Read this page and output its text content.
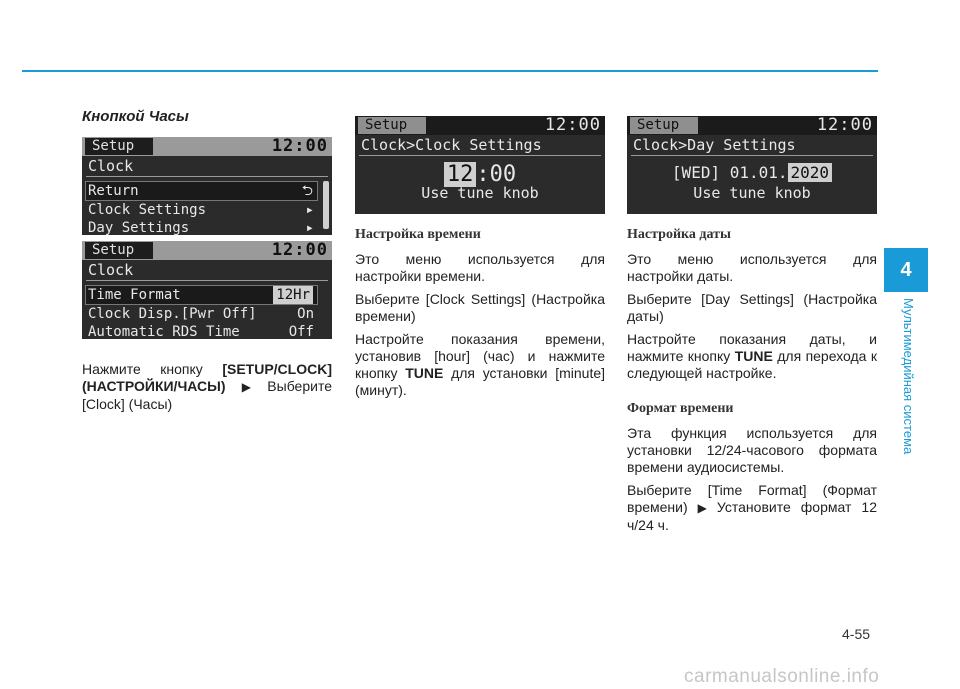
Кнопкой Часы
Setup	12:00
Clock
Return	⮌
Clock Settings	▸
Day Settings	▸
Setup	12:00
Clock
Time Format	12Hr
Clock Disp.[Pwr Off]	On
Automatic RDS Time	Off

Нажмите кнопку [SETUP/CLOCK] (НАСТРОЙКИ/ЧАСЫ) ▶ Выберите [Clock] (Часы)

Setup	12:00
Clock>Clock Settings
12 :00
Use tune knob
Настройка времени

Это меню используется для настройки времени.

Выберите [Clock Settings] (Настройка времени)

Настройте показания времени, установив [hour] (час) и нажмите кнопку TUNE для установки [minute] (минут).

Setup	12:00
Clock>Day Settings
[WED] 01.01. 2020
Use tune knob
Настройка даты

Это меню используется для настройки даты.

Выберите [Day Settings] (Настройка даты)

Настройте показания даты, и нажмите кнопку TUNE для перехода к следующей настройке.

Формат времени

Эта функция используется для установки 12/24-часового формата времени аудиосистемы.

Выберите [Time Format] (Формат времени) ▶ Установите формат 12 ч/24 ч.

4
Мультимедийная система
4-55
carmanualsonline.info
